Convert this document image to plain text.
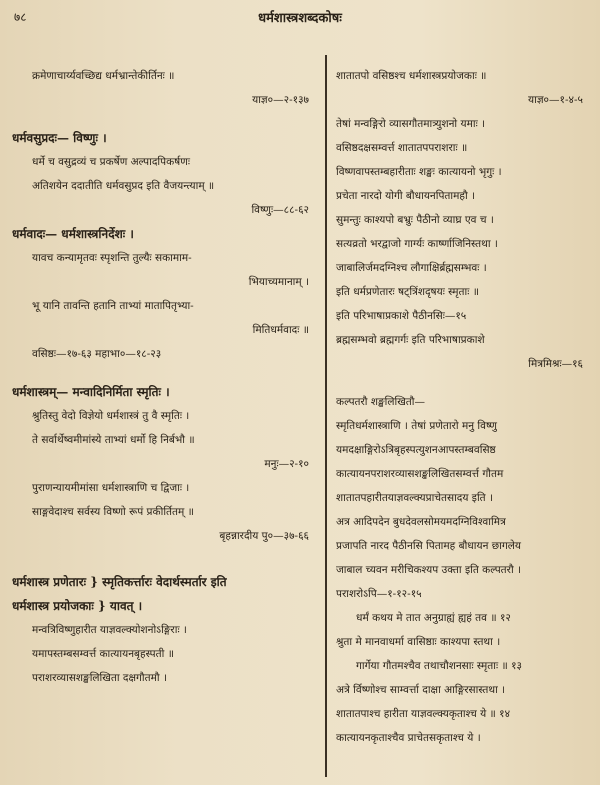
७८	धर्मशास्त्रशब्दकोषः
क्रमेणाचार्य्यवच्छिद्य धर्मभ्रान्तेकीर्तिनः ॥
याज्ञ०—२-१३७
धर्मवसुप्रदः— विष्णुः ।
धर्मे च वसुद्रव्यं च प्रकर्षेण अल्पादपिकर्षणः
अतिशयेन ददातीति धर्मवसुप्रद इति वैजयन्त्याम् ॥
विष्णुः—८८-६२
धर्मवादः— धर्मशास्त्रनिर्देशः ।
यावच कन्यामृतवः स्पृशन्ति तुल्यैः सकामाम-
भियाच्यमानाम् ।
भू यानि तावन्ति हतानि ताभ्यां मातापितृभ्या-
मितिधर्मवादः ॥
वसिष्ठः—१७-६३ महाभा०—१८-२३
धर्मशास्त्रम्— मन्वादिनिर्मिता स्मृतिः ।
श्रुतिस्तु वेदो विज्ञेयो धर्मशास्त्रं तु वै स्मृतिः ।
ते सर्वार्थेष्वमीमांस्ये ताभ्यां धर्मो हि निर्बभौ ॥
मनुः—२-१०
पुराणन्यायमीमांसा धर्मशास्त्राणि च द्विजाः ।
साङ्गवेदाश्च सर्वस्य विष्णो रूपं प्रकीर्तितम् ॥
बृहन्नारदीय पु०—३७-६६
धर्मशास्त्र प्रणेतारः } स्मृतिकर्त्तारः वेदार्थस्मर्तार इति
धर्मशास्त्र प्रयोजकाः } यावत् ।
मन्वत्रिविष्णुहारीत याज्ञवल्क्योशनोऽङ्गिराः ।
यमापस्तम्बसम्वर्त्त कात्यायनबृहस्पती ॥
पराशरव्यासशङ्खलिखिता दक्षगौतमौ ।
शातातपो वसिष्ठश्च धर्मशास्त्रप्रयोजकाः ॥
याज्ञ०—१-४-५
तेषां मन्वङ्गिरो व्यासगौतमात्र्युशनो यमाः ।
वसिष्ठदक्षसम्वर्त्त शातातपपराशराः ॥
विष्णवापस्तम्बहारीताः शङ्खः कात्यायनो भृगुः ।
प्रचेता नारदो योगी बौधायनपितामहौ ।
सुमन्तुः काश्यपो बभ्रुः पैठीनो व्याघ्र एव च ।
सत्यव्रतो भरद्वाजो गार्ग्यः कार्ष्णाजिनिस्तथा ।
जाबालिर्जमदग्निश्च लौगाक्षिर्ब्रह्मसम्भवः ।
इति धर्मप्रणेतारः षट्त्रिंशदृषयः स्मृताः ॥
इति परिभाषाप्रकाशे पैठीनसिः—१५
ब्रह्मसम्भवो ब्रह्मगर्गः इति परिभाषाप्रकाशे
मित्रमिश्रः—१६
कल्पतरौ शङ्खलिखितौ—
स्मृतिधर्मशास्त्राणि । तेषां प्रणेतारो मनु विष्णु
यमदक्षाङ्गिरोऽत्रिबृहस्पत्युशनआपस्तम्बवसिष्ठ
कात्यायनपराशरव्यासशङ्खलिखितसम्वर्त्त गौतम
शातातपहारीतयाज्ञवल्क्यप्राचेतसादय इति ।
अत्र आदिपदेन बुधदेवलसोमयमदग्निविश्वामित्र
प्रजापति नारद पैठीनसि पितामह बौधायन छागलेय
जाबाल च्यवन मरीचिकश्यप उक्ता इति कल्पतरौ ।
पराशरोऽपि—१-१२-१५
धर्मं कथय मे तात अनुग्राह्यं ह्यहं तव ॥ १२
श्रुता मे मानवाधर्मा वासिष्ठाः काश्यपा स्तथा ।
गार्गेया गौतमश्चैव तथाचौशनसाः स्मृताः ॥ १३
अत्रे र्विष्णोश्च साम्वर्त्ता दाक्षा आङ्गिरसास्तथा ।
शातातपाश्च हारीता याज्ञवल्क्यकृताश्च ये ॥ १४
कात्यायनकृताश्चैव प्राचेतसकृताश्च ये ।
